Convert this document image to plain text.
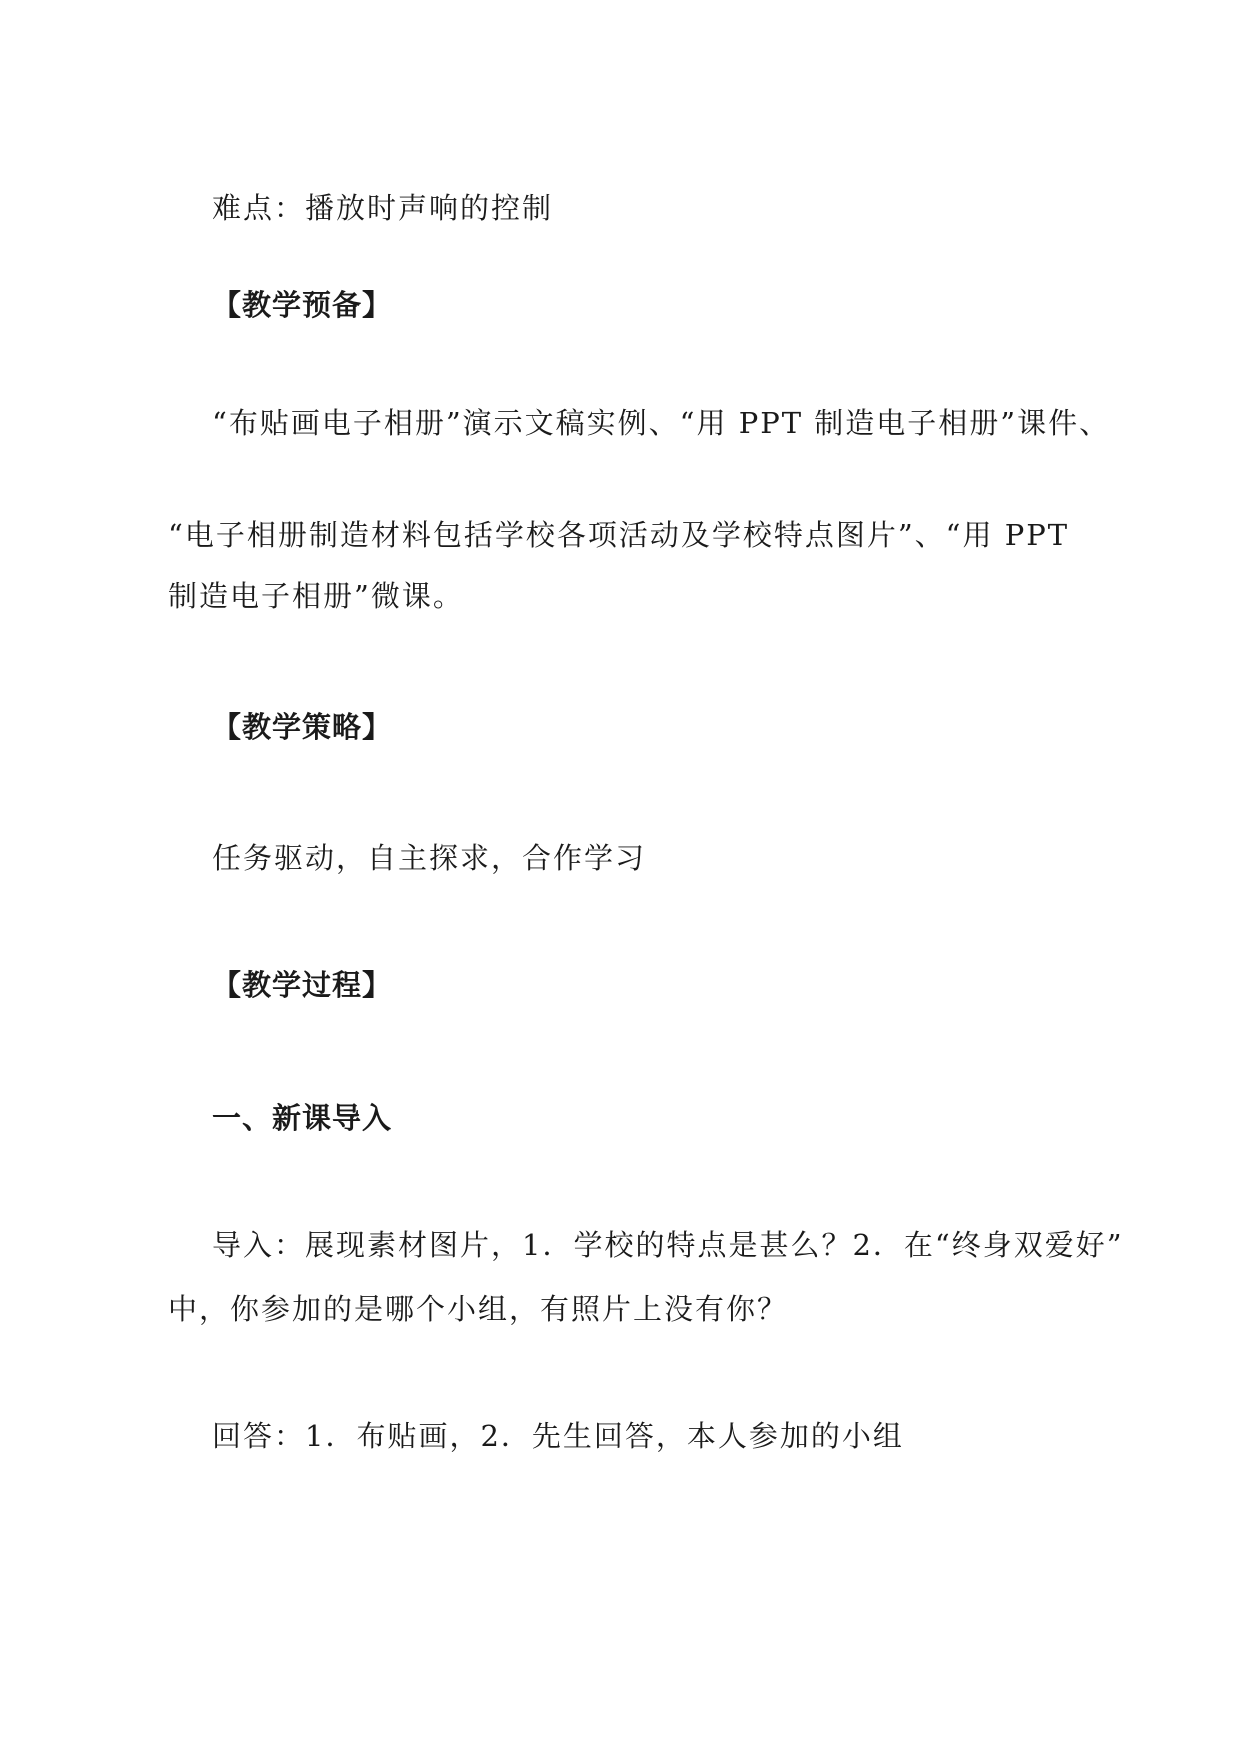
难点：播放时声响的控制
【教学预备】
“布贴画电子相册”演示文稿实例、“用 PPT 制造电子相册”课件、
“电子相册制造材料包括学校各项活动及学校特点图片”、“用 PPT
制造电子相册”微课。
【教学策略】
任务驱动，自主探求，合作学习
【教学过程】
一、新课导入
导入：展现素材图片，1．学校的特点是甚么？2．在“终身双爱好”
中，你参加的是哪个小组，有照片上没有你？
回答：1．布贴画，2．先生回答，本人参加的小组
